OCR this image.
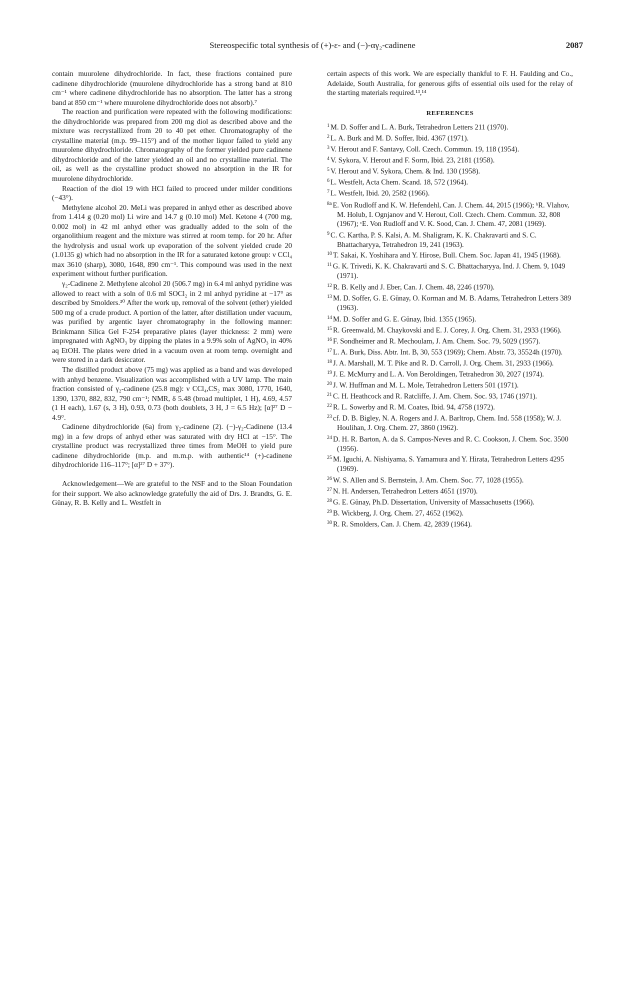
Stereospecific total synthesis of (+)-ε- and (−)-αγ₂-cadinene	2087

contain muurolene dihydrochloride. In fact, these fractions contained pure cadinene dihydrochloride (muurolene dihydrochloride has a strong band at 810 cm⁻¹ where cadinene dihydrochloride has no absorption. The latter has a strong band at 850 cm⁻¹ where muurolene dihydrochloride does not absorb).⁷

The reaction and purification were repeated with the following modifications: the dihydrochloride was prepared from 200 mg diol as described above and the mixture was recrystallized from 20 to 40 pet ether. Chromatography of the crystalline material (m.p. 99–115°) and of the mother liquor failed to yield any muurolene dihydrochloride. Chromatography of the former yielded pure cadinene dihydrochloride and of the latter yielded an oil and no crystalline material. The oil, as well as the crystalline product showed no absorption in the IR for muurolene dihydrochloride.

Reaction of the diol 19 with HCl failed to proceed under milder conditions (−43°).

Methylene alcohol 20. MeLi was prepared in anhyd ether as described above from 1.414 g (0.20 mol) Li wire and 14.7 g (0.10 mol) MeI. Ketone 4 (700 mg, 0.002 mol) in 42 ml anhyd ether was gradually added to the soln of the organolithium reagent and the mixture was stirred at room temp. for 20 hr. After the hydrolysis and usual work up evaporation of the solvent yielded crude 20 (1.0135 g) which had no absorption in the IR for a saturated ketone group: ν CCl₄ max 3610 (sharp), 3080, 1648, 890 cm⁻¹. This compound was used in the next experiment without further purification.

γ₂-Cadinene 2. Methylene alcohol 20 (506.7 mg) in 6.4 ml anhyd pyridine was allowed to react with a soln of 0.6 ml SOCl₂ in 2 ml anhyd pyridine at −17° as described by Smolders.³⁰ After the work up, removal of the solvent (ether) yielded 500 mg of a crude product. A portion of the latter, after distillation under vacuum, was purified by argentic layer chromatography in the following manner: Brinkmann Silica Gel F-254 preparative plates (layer thickness: 2 mm) were impregnated with AgNO₃ by dipping the plates in a 9.9% soln of AgNO₃ in 40% aq EtOH. The plates were dried in a vacuum oven at room temp. overnight and were stored in a dark desiccator.

The distilled product above (75 mg) was applied as a band and was developed with anhyd benzene. Visualization was accomplished with a UV lamp. The main fraction consisted of γ₂-cadinene (25.8 mg): ν CCl₄,CS₂ max 3080, 1770, 1640, 1390, 1370, 882, 832, 790 cm⁻¹; NMR, δ 5.48 (broad multiplet, 1 H), 4.69, 4.57 (1 H each), 1.67 (s, 3 H), 0.93, 0.73 (both doublets, 3 H, J = 6.5 Hz); [α]²⁷ D − 4.9°.

Cadinene dihydrochloride (6a) from γ₂-cadinene (2). (−)-γ₂-Cadinene (13.4 mg) in a few drops of anhyd ether was saturated with dry HCl at −15°. The crystalline product was recrystallized three times from MeOH to yield pure cadinene dihydrochloride (m.p. and m.m.p. with authentic¹⁴ (+)-cadinene dihydrochloride 116–117°; [α]²⁷ D + 37°).

Acknowledgement—We are grateful to the NSF and to the Sloan Foundation for their support. We also acknowledge gratefully the aid of Drs. J. Brandts, G. E. Günay, R. B. Kelly and L. Westfelt in

certain aspects of this work. We are especially thankful to F. H. Faulding and Co., Adelaide, South Australia, for generous gifts of essential oils used for the relay of the starting materials required.¹³,¹⁴

REFERENCES
$^1$M. D. Soffer and L. A. Burk, Tetrahedron Letters 211 (1970).
$^2$L. A. Burk and M. D. Soffer, Ibid. 4367 (1971).
$^3$V. Herout and F. Santavy, Coll. Czech. Commun. 19, 118 (1954).
$^4$V. Sykora, V. Herout and F. Sorm, Ibid. 23, 2181 (1958).
$^5$V. Herout and V. Sykora, Chem. & Ind. 130 (1958).
$^6$L. Westfelt, Acta Chem. Scand. 18, 572 (1964).
$^7$L. Westfelt, Ibid. 20, 2582 (1966).
$^{8a}$E. Von Rudloff and K. W. Hefendehl, Can. J. Chem. 44, 2015 (1966); ᵇR. Vlahov, M. Holub, I. Ognjanov and V. Herout, Coll. Czech. Chem. Commun. 32, 808 (1967); ᶜE. Von Rudloff and V. K. Sood, Can. J. Chem. 47, 2081 (1969).
$^9$C. C. Kartha, P. S. Kalsi, A. M. Shaligram, K. K. Chakravarti and S. C. Bhattacharyya, Tetrahedron 19, 241 (1963).
$^{10}$T. Sakai, K. Yoshihara and Y. Hirose, Bull. Chem. Soc. Japan 41, 1945 (1968).
$^{11}$G. K. Trivedi, K. K. Chakravarti and S. C. Bhattacharyya, Ind. J. Chem. 9, 1049 (1971).
$^{12}$R. B. Kelly and J. Eber, Can. J. Chem. 48, 2246 (1970).
$^{13}$M. D. Soffer, G. E. Günay, O. Korman and M. B. Adams, Tetrahedron Letters 389 (1963).
$^{14}$M. D. Soffer and G. E. Günay, Ibid. 1355 (1965).
$^{15}$R. Greenwald, M. Chaykovski and E. J. Corey, J. Org. Chem. 31, 2933 (1966).
$^{16}$F. Sondheimer and R. Mechoulam, J. Am. Chem. Soc. 79, 5029 (1957).
$^{17}$L. A. Burk, Diss. Abtr. Int. B, 30, 553 (1969); Chem. Abstr. 73, 35524h (1970).
$^{18}$J. A. Marshall, M. T. Pike and R. D. Carroll, J. Org. Chem. 31, 2933 (1966).
$^{19}$J. E. McMurry and L. A. Von Beroldingen, Tetrahedron 30, 2027 (1974).
$^{20}$J. W. Huffman and M. L. Mole, Tetrahedron Letters 501 (1971).
$^{21}$C. H. Heathcock and R. Ratcliffe, J. Am. Chem. Soc. 93, 1746 (1971).
$^{22}$R. L. Sowerby and R. M. Coates, Ibid. 94, 4758 (1972).
$^{23}$cf. D. B. Bigley, N. A. Rogers and J. A. Barltrop, Chem. Ind. 558 (1958); W. J. Houlihan, J. Org. Chem. 27, 3860 (1962).
$^{24}$D. H. R. Barton, A. da S. Campos-Neves and R. C. Cookson, J. Chem. Soc. 3500 (1956).
$^{25}$M. Iguchi, A. Nishiyama, S. Yamamura and Y. Hirata, Tetrahedron Letters 4295 (1969).
$^{26}$W. S. Allen and S. Bernstein, J. Am. Chem. Soc. 77, 1028 (1955).
$^{27}$N. H. Andersen, Tetrahedron Letters 4651 (1970).
$^{28}$G. E. Günay, Ph.D. Dissertation, University of Massachusetts (1966).
$^{29}$B. Wickberg, J. Org. Chem. 27, 4652 (1962).
$^{30}$R. R. Smolders, Can. J. Chem. 42, 2839 (1964).
